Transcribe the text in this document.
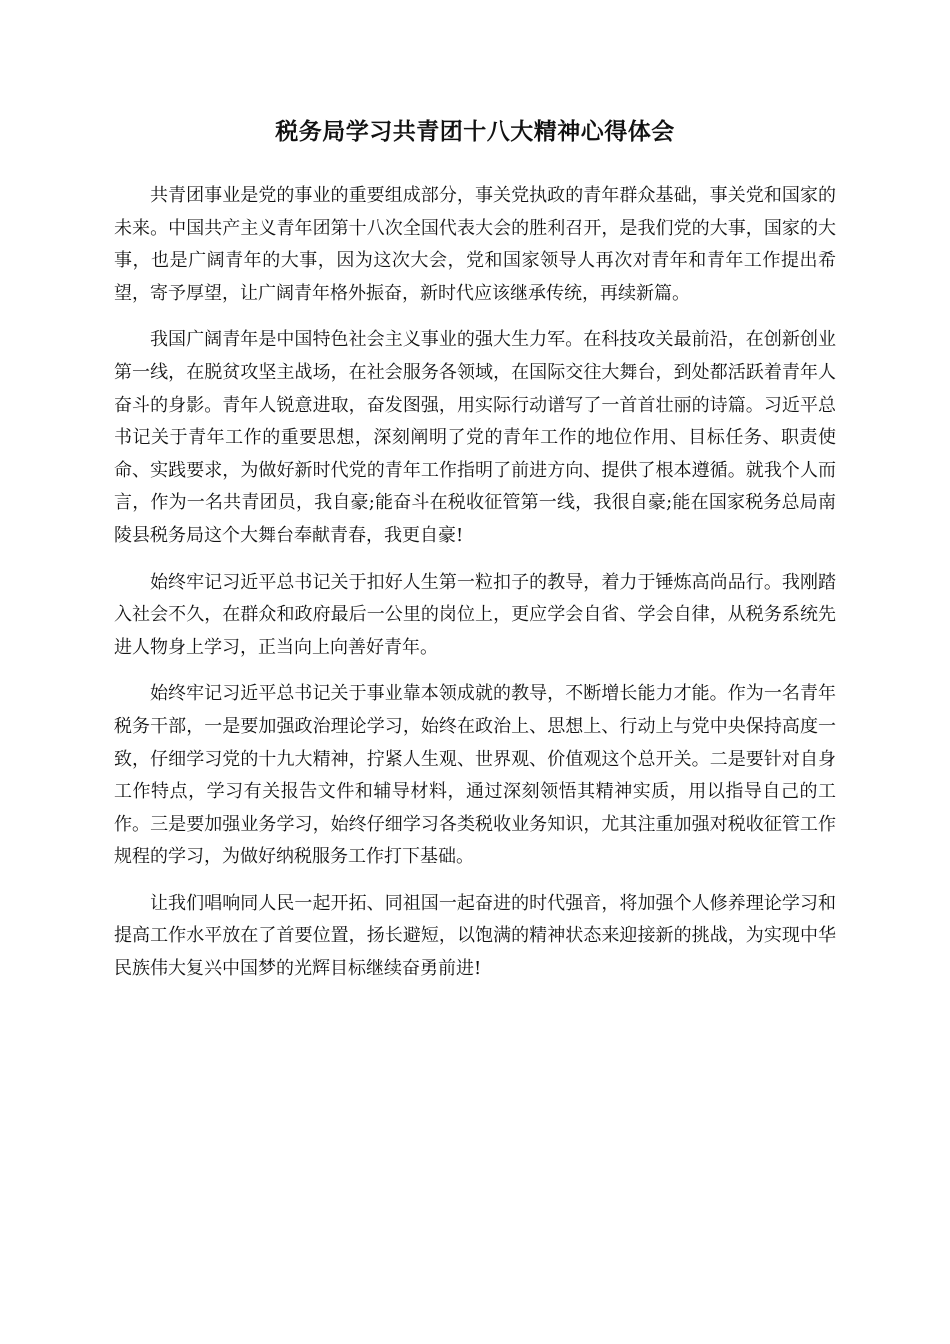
税务局学习共青团十八大精神心得体会

共青团事业是党的事业的重要组成部分，事关党执政的青年群众基础，事关党和国家的未来。中国共产主义青年团第十八次全国代表大会的胜利召开，是我们党的大事，国家的大事，也是广阔青年的大事，因为这次大会，党和国家领导人再次对青年和青年工作提出希望，寄予厚望，让广阔青年格外振奋，新时代应该继承传统，再续新篇。

我国广阔青年是中国特色社会主义事业的强大生力军。在科技攻关最前沿，在创新创业第一线，在脱贫攻坚主战场，在社会服务各领域，在国际交往大舞台，到处都活跃着青年人奋斗的身影。青年人锐意进取，奋发图强，用实际行动谱写了一首首壮丽的诗篇。习近平总书记关于青年工作的重要思想，深刻阐明了党的青年工作的地位作用、目标任务、职责使命、实践要求，为做好新时代党的青年工作指明了前进方向、提供了根本遵循。就我个人而言，作为一名共青团员，我自豪;能奋斗在税收征管第一线，我很自豪;能在国家税务总局南陵县税务局这个大舞台奉献青春，我更自豪!

始终牢记习近平总书记关于扣好人生第一粒扣子的教导，着力于锤炼高尚品行。我刚踏入社会不久，在群众和政府最后一公里的岗位上，更应学会自省、学会自律，从税务系统先进人物身上学习，正当向上向善好青年。

始终牢记习近平总书记关于事业靠本领成就的教导，不断增长能力才能。作为一名青年税务干部，一是要加强政治理论学习，始终在政治上、思想上、行动上与党中央保持高度一致，仔细学习党的十九大精神，拧紧人生观、世界观、价值观这个总开关。二是要针对自身工作特点，学习有关报告文件和辅导材料，通过深刻领悟其精神实质，用以指导自己的工作。三是要加强业务学习，始终仔细学习各类税收业务知识，尤其注重加强对税收征管工作规程的学习，为做好纳税服务工作打下基础。

让我们唱响同人民一起开拓、同祖国一起奋进的时代强音，将加强个人修养理论学习和提高工作水平放在了首要位置，扬长避短，以饱满的精神状态来迎接新的挑战，为实现中华民族伟大复兴中国梦的光辉目标继续奋勇前进!
